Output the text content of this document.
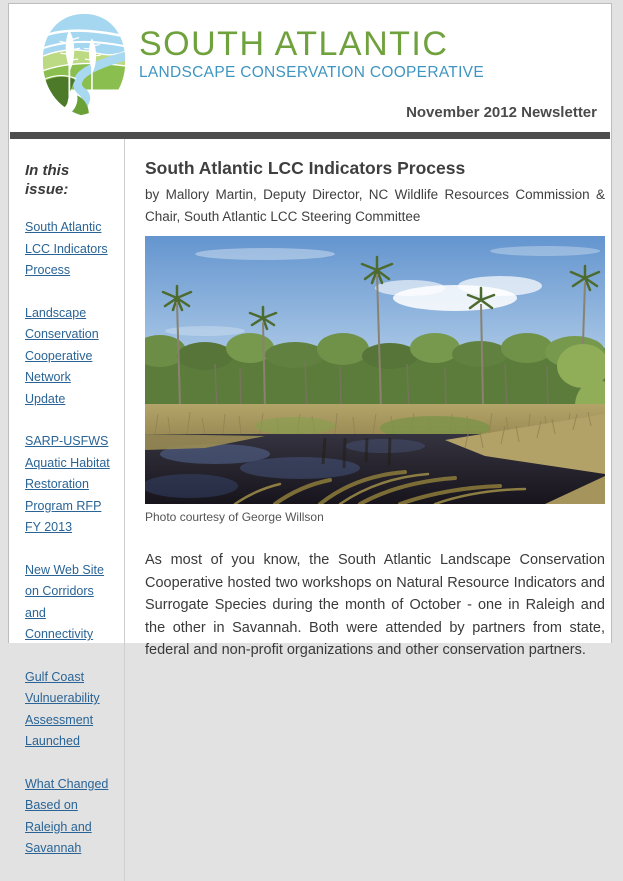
SOUTH ATLANTIC
LANDSCAPE CONSERVATION COOPERATIVE
November 2012 Newsletter
In this issue:
South Atlantic LCC Indicators Process
Landscape Conservation Cooperative Network Update
SARP-USFWS Aquatic Habitat Restoration Program RFP FY 2013
New Web Site on Corridors and Connectivity
Gulf Coast Vulnuerability Assessment Launched
What Changed Based on Raleigh and Savannah
South Atlantic LCC Indicators Process
by Mallory Martin, Deputy Director, NC Wildlife Resources Commission & Chair, South Atlantic LCC Steering Committee
Photo courtesy of George Willson
As most of you know, the South Atlantic Landscape Conservation Cooperative hosted two workshops on Natural Resource Indicators and Surrogate Species during the month of October - one in Raleigh and the other in Savannah. Both were attended by partners from state, federal and non-profit organizations and other conservation partners.
